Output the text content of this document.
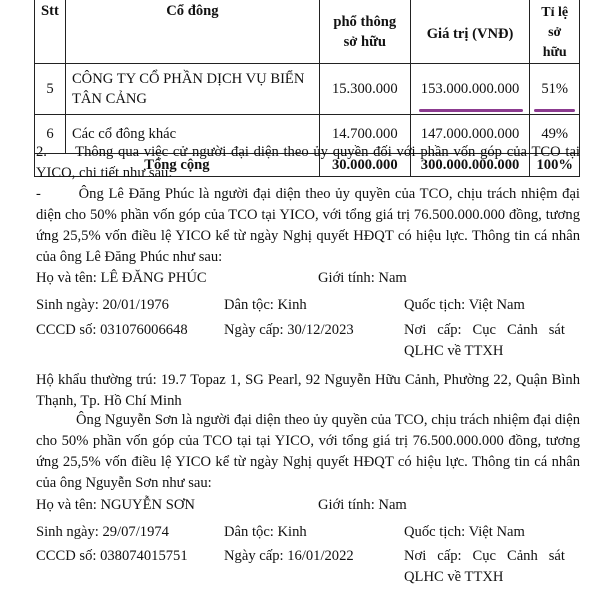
Stt	Cổ đông	phổ thông sở hữu	Giá trị (VNĐ)	Tỉ lệ sở hữu
5	CÔNG TY CỔ PHẦN DỊCH VỤ BIỂN TÂN CẢNG	15.300.000	153.000.000.000	51%

6	Các cổ đông khác	14.700.000	147.000.000.000	49%
Tổng cộng		30.000.000	300.000.000.000	100%
2.      Thông qua việc cử người đại diện theo ủy quyền đối với phần vốn góp của TCO tại YICO, chi tiết như sau:
-        Ông Lê Đăng Phúc là người đại diện theo ủy quyền của TCO, chịu trách nhiệm đại diện cho 50% phần vốn góp của TCO tại YICO, với tổng giá trị 76.500.000.000 đồng, tương ứng 25,5% vốn điều lệ YICO kể từ ngày Nghị quyết HĐQT có hiệu lực. Thông tin cá nhân của ông Lê Đăng Phúc như sau:
Họ và tên: LÊ ĐĂNG PHÚC	Giới tính: Nam
Sinh ngày: 20/01/1976	Dân tộc: Kinh	Quốc tịch: Việt Nam
CCCD số: 031076006648 Ngày cấp: 30/12/2023	Nơi   cấp:   Cục   Cảnh   sát
QLHC về TTXH
Hộ khẩu thường trú: 19.7 Topaz 1, SG Pearl, 92 Nguyễn Hữu Cảnh, Phường 22, Quận Bình Thạnh, Tp. Hồ Chí Minh
Ông Nguyễn Sơn là người đại diện theo ủy quyền của TCO, chịu trách nhiệm đại diện cho 50% phần vốn góp của TCO tại tại YICO, với tổng giá trị 76.500.000.000 đồng, tương ứng 25,5% vốn điều lệ YICO kể từ ngày Nghị quyết HĐQT có hiệu lực. Thông tin cá nhân của ông Nguyễn Sơn như sau:
Họ và tên: NGUYỄN SƠN	Giới tính: Nam
Sinh ngày: 29/07/1974	Dân tộc: Kinh	Quốc tịch: Việt Nam
CCCD số: 038074015751 Ngày cấp: 16/01/2022	Nơi   cấp:   Cục   Cảnh   sát
QLHC về TTXH
